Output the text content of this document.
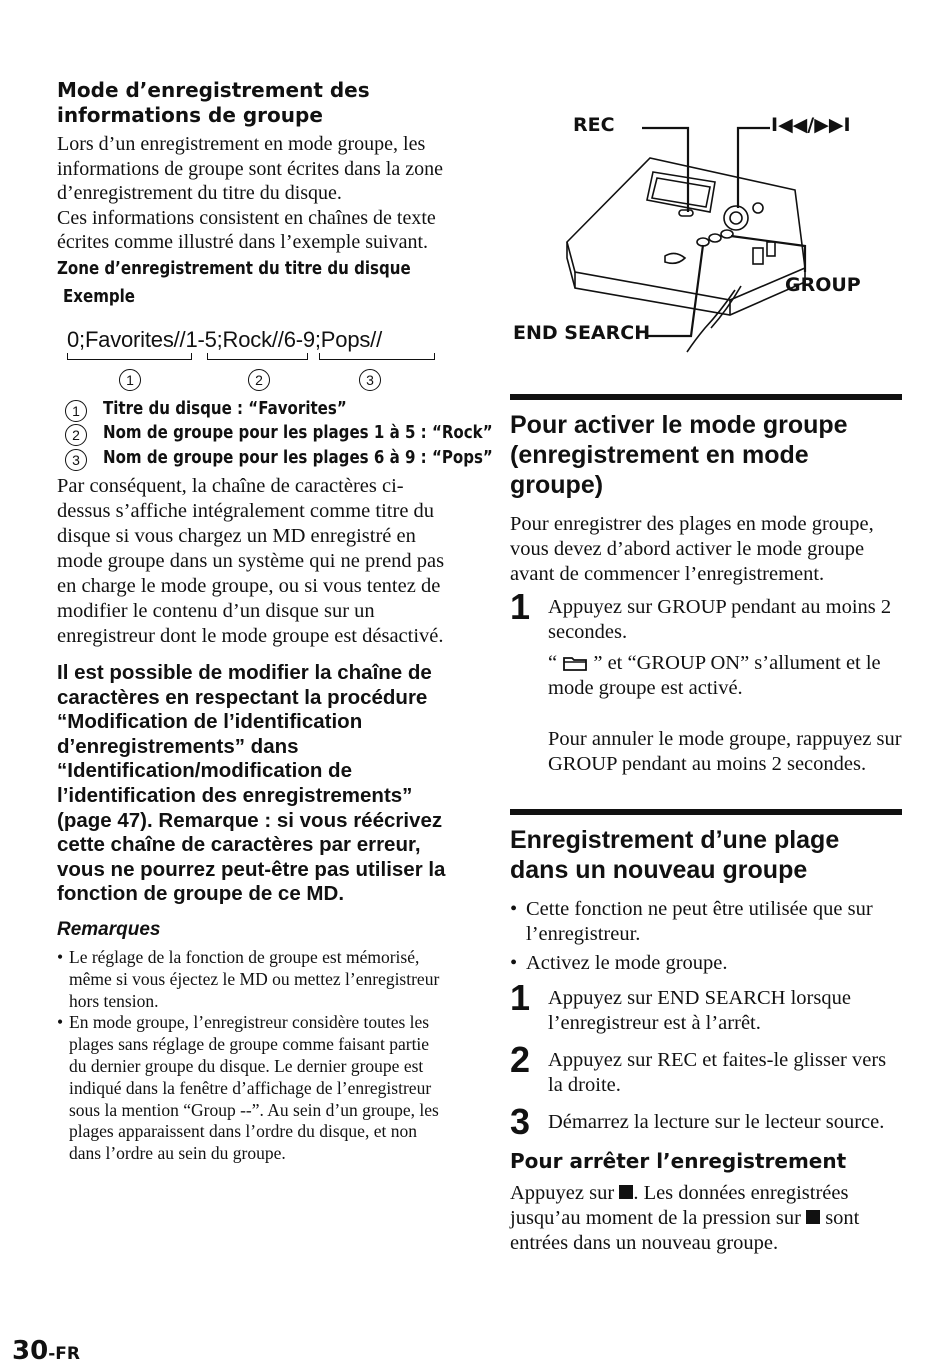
Mode d’enregistrement des informations de groupe

Lors d’un enregistrement en mode groupe, les informations de groupe sont écrites dans la zone d’enregistrement du titre du disque.

Ces informations consistent en chaînes de texte écrites comme illustré dans l’exemple suivant.

Zone d’enregistrement du titre du disque

Exemple

0;Favorites//1-5;Rock//6-9;Pops//
1	2	3
1	Titre du disque : “Favorites”
2	Nom de groupe pour les plages 1 à 5 : “Rock”
3	Nom de groupe pour les plages 6 à 9 : “Pops”

Par conséquent, la chaîne de caractères ci-dessus s’affiche intégralement comme titre du disque si vous chargez un MD enregistré en mode groupe dans un système qui ne prend pas en charge le mode groupe, ou si vous tentez de modifier le contenu d’un disque sur un enregistreur dont le mode groupe est désactivé.

Il est possible de modifier la chaîne de caractères en respectant la procédure “Modification de l’identification d’enregistrements” dans “Identification/modification de l’identification des enregistrements” (page 47). Remarque : si vous réécrivez cette chaîne de caractères par erreur, vous ne pourrez peut-être pas utiliser la fonction de groupe de ce MD.

Remarques

• Le réglage de la fonction de groupe est mémorisé, même si vous éjectez le MD ou mettez l’enregistreur hors tension.
• En mode groupe, l’enregistreur considère toutes les plages sans réglage de groupe comme faisant partie du dernier groupe du disque. Le dernier groupe est indiqué dans la fenêtre d’affichage de l’enregistreur sous la mention “Group --”. Au sein d’un groupe, les plages apparaissent dans l’ordre du disque, et non dans l’ordre au sein du groupe.
REC	I◀◀/▶▶I
GROUP
END SEARCH
Pour activer le mode groupe (enregistrement en mode groupe)

Pour enregistrer des plages en mode groupe, vous devez d’abord activer le mode groupe avant de commencer l’enregistrement.

1 Appuyez sur GROUP pendant au moins 2 secondes.

“ ” et “GROUP ON” s’allument et le mode groupe est activé.

Pour annuler le mode groupe, rappuyez sur GROUP pendant au moins 2 secondes.

Enregistrement d’une plage dans un nouveau groupe
• Cette fonction ne peut être utilisée que sur l’enregistreur.
• Activez le mode groupe.
1 Appuyez sur END SEARCH lorsque l’enregistreur est à l’arrêt.

2 Appuyez sur REC et faites-le glisser vers la droite.

3 Démarrez la lecture sur le lecteur source.

Pour arrêter l’enregistrement

Appuyez sur . Les données enregistrées jusqu’au moment de la pression sur sont entrées dans un nouveau groupe.

30-FR
